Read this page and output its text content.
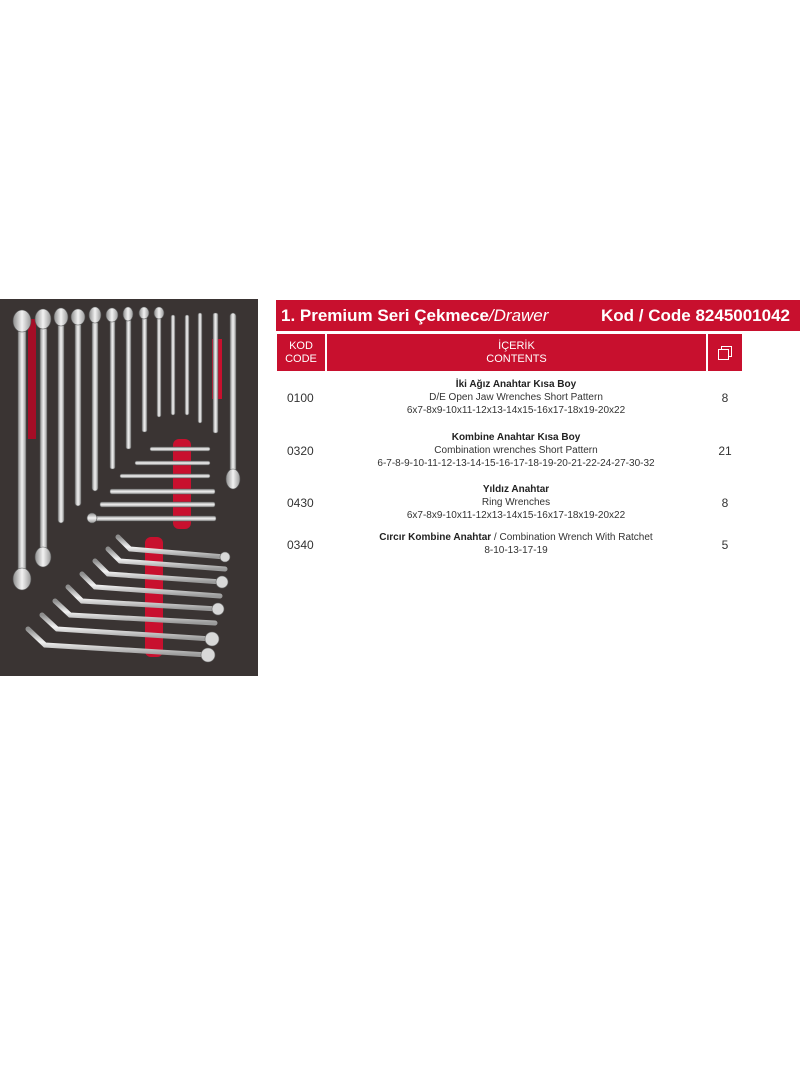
1. Premium Seri Çekmece/Drawer	Kod / Code 8245001042
KOD
CODE
İÇERİK
CONTENTS
0100
İki Ağız Anahtar Kısa Boy
D/E Open Jaw Wrenches Short Pattern
6x7-8x9-10x11-12x13-14x15-16x17-18x19-20x22
8
0320
Kombine Anahtar Kısa Boy
Combination wrenches Short Pattern
6-7-8-9-10-11-12-13-14-15-16-17-18-19-20-21-22-24-27-30-32
21
0430
Yıldız Anahtar
Ring Wrenches
6x7-8x9-10x11-12x13-14x15-16x17-18x19-20x22
8
0340
Cırcır Kombine Anahtar / Combination Wrench With Ratchet
8-10-13-17-19	5
